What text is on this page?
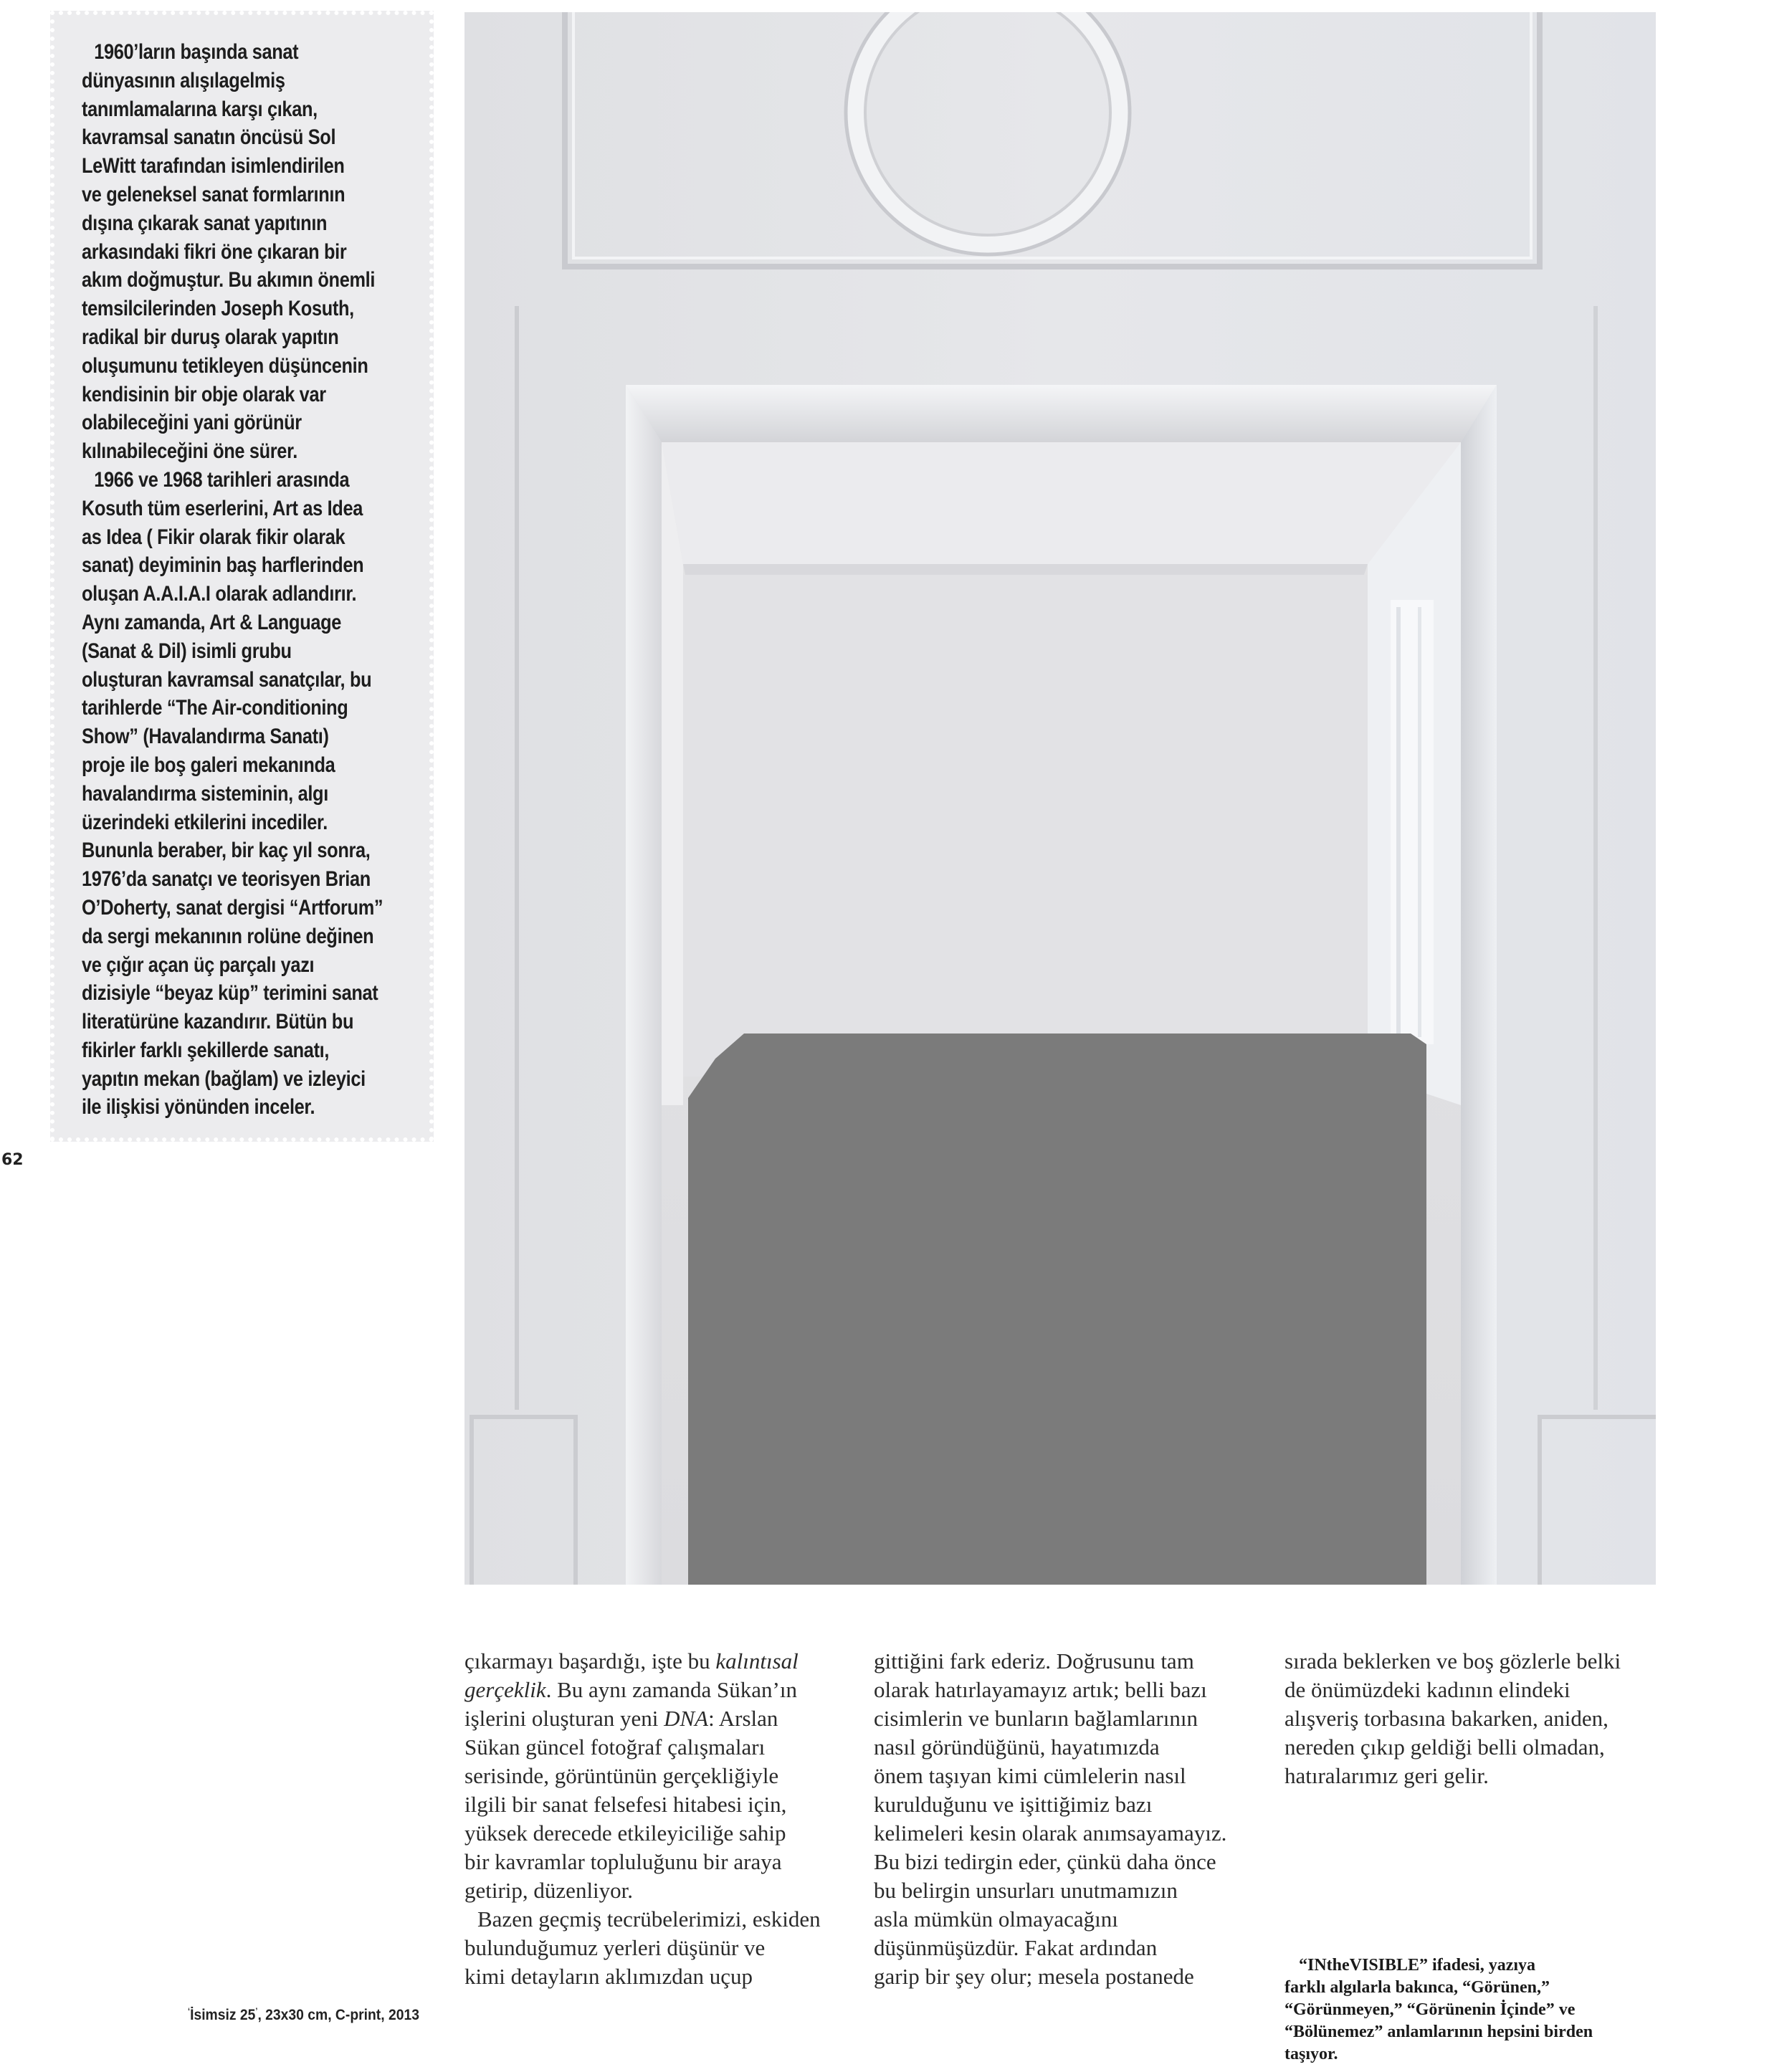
1960’ların başında sanat
dünyasının alışılagelmiş
tanımlamalarına karşı çıkan,
kavramsal sanatın öncüsü Sol
LeWitt tarafından isimlendirilen
ve geleneksel sanat formlarının
dışına çıkarak sanat yapıtının
arkasındaki fikri öne çıkaran bir
akım doğmuştur. Bu akımın önemli
temsilcilerinden Joseph Kosuth,
radikal bir duruş olarak yapıtın
oluşumunu tetikleyen düşüncenin
kendisinin bir obje olarak var
olabileceğini yani görünür
kılınabileceğini öne sürer.

1966 ve 1968 tarihleri arasında
Kosuth tüm eserlerini, Art as Idea
as Idea ( Fikir olarak fikir olarak
sanat) deyiminin baş harflerinden
oluşan A.A.I.A.I olarak adlandırır.
Aynı zamanda, Art & Language
(Sanat & Dil) isimli grubu
oluşturan kavramsal sanatçılar, bu
tarihlerde “The Air-conditioning
Show” (Havalandırma Sanatı)
proje ile boş galeri mekanında
havalandırma sisteminin, algı
üzerindeki etkilerini incediler.
Bununla beraber, bir kaç yıl sonra,
1976’da sanatçı ve teorisyen Brian
O’Doherty, sanat dergisi “Artforum”
da sergi mekanının rolüne değinen
ve çığır açan üç parçalı yazı
dizisiyle “beyaz küp” terimini sanat
literatürüne kazandırır. Bütün bu
fikirler farklı şekillerde sanatı,
yapıtın mekan (bağlam) ve izleyici
ile ilişkisi yönünden inceler.

62
‘İsimsiz 25’, 23x30 cm, C-print, 2013

çıkarmayı başardığı, işte bu kalıntısal
gerçeklik. Bu aynı zamanda Sükan’ın
işlerini oluşturan yeni DNA: Arslan
Sükan güncel fotoğraf çalışmaları
serisinde, görüntünün gerçekliğiyle
ilgili bir sanat felsefesi hitabesi için,
yüksek derecede etkileyiciliğe sahip
bir kavramlar topluluğunu bir araya
getirip, düzenliyor.

Bazen geçmiş tecrübelerimizi, eskiden
bulunduğumuz yerleri düşünür ve
kimi detayların aklımızdan uçup

gittiğini fark ederiz. Doğrusunu tam
olarak hatırlayamayız artık; belli bazı
cisimlerin ve bunların bağlamlarının
nasıl göründüğünü, hayatımızda
önem taşıyan kimi cümlelerin nasıl
kurulduğunu ve işittiğimiz bazı
kelimeleri kesin olarak anımsayamayız.
Bu bizi tedirgin eder, çünkü daha önce
bu belirgin unsurları unutmamızın
asla mümkün olmayacağını
düşünmüşüzdür. Fakat ardından
garip bir şey olur; mesela postanede

sırada beklerken ve boş gözlerle belki
de önümüzdeki kadının elindeki
alışveriş torbasına bakarken, aniden,
nereden çıkıp geldiği belli olmadan,
hatıralarımız geri gelir.

“INtheVISIBLE” ifadesi, yazıya
farklı algılarla bakınca, “Görünen,”
“Görünmeyen,” “Görünenin İçinde” ve
“Bölünemez” anlamlarının hepsini birden
taşıyor.
